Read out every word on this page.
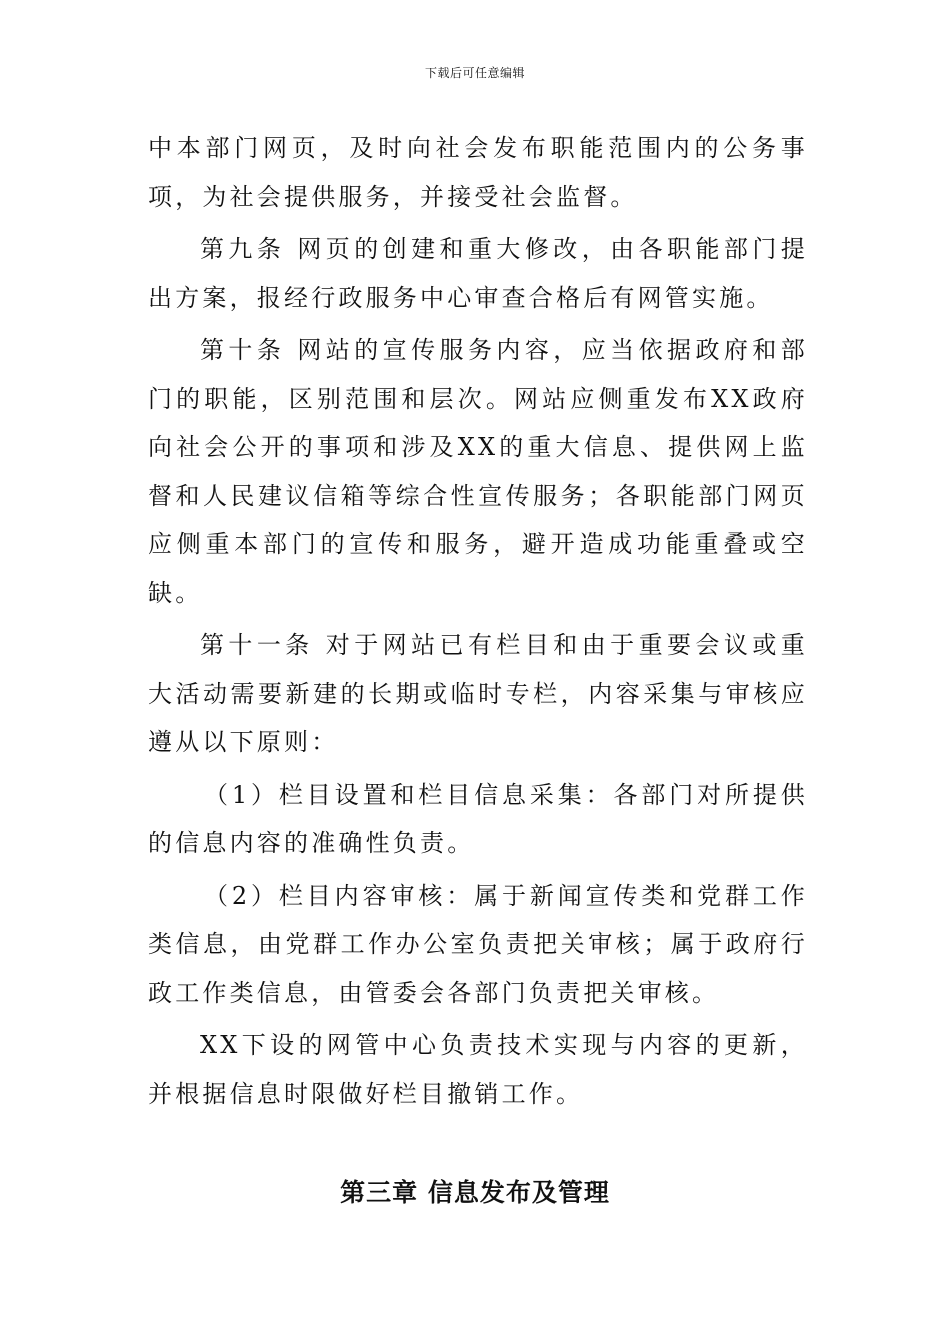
下载后可任意编辑

中本部门网页，及时向社会发布职能范围内的公务事项，为社会提供服务，并接受社会监督。

第九条 网页的创建和重大修改，由各职能部门提出方案，报经行政服务中心审查合格后有网管实施。

第十条 网站的宣传服务内容，应当依据政府和部门的职能，区别范围和层次。网站应侧重发布XX政府向社会公开的事项和涉及XX的重大信息、提供网上监督和人民建议信箱等综合性宣传服务；各职能部门网页应侧重本部门的宣传和服务，避开造成功能重叠或空缺。

第十一条 对于网站已有栏目和由于重要会议或重大活动需要新建的长期或临时专栏，内容采集与审核应遵从以下原则：

（1）栏目设置和栏目信息采集：各部门对所提供的信息内容的准确性负责。

（2）栏目内容审核：属于新闻宣传类和党群工作类信息，由党群工作办公室负责把关审核；属于政府行政工作类信息，由管委会各部门负责把关审核。

XX下设的网管中心负责技术实现与内容的更新，并根据信息时限做好栏目撤销工作。

第三章 信息发布及管理
